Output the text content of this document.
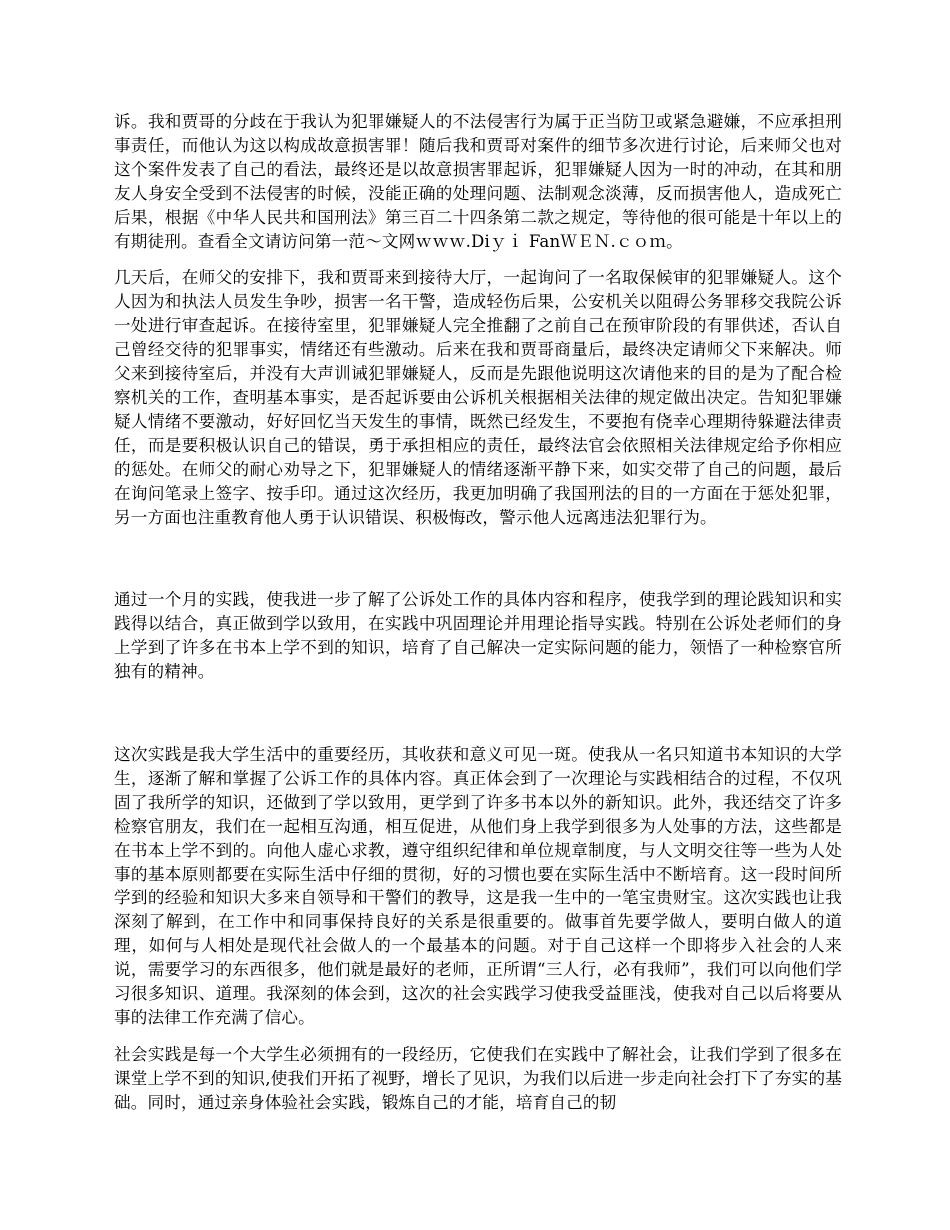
诉。我和贾哥的分歧在于我认为犯罪嫌疑人的不法侵害行为属于正当防卫或紧急避嫌，不应承担刑事责任，而他认为这以构成故意损害罪！随后我和贾哥对案件的细节多次进行讨论，后来师父也对这个案件发表了自己的看法，最终还是以故意损害罪起诉，犯罪嫌疑人因为一时的冲动，在其和朋友人身安全受到不法侵害的时候，没能正确的处理问题、法制观念淡薄，反而损害他人，造成死亡后果，根据《中华人民共和国刑法》第三百二十四条第二款之规定，等待他的很可能是十年以上的有期徒刑。查看全文请访问第一范～文网ｗｗｗ.Diｙｉ FanＷＥＮ.ｃｏｍ。

几天后，在师父的安排下，我和贾哥来到接待大厅，一起询问了一名取保候审的犯罪嫌疑人。这个人因为和执法人员发生争吵，损害一名干警，造成轻伤后果，公安机关以阻碍公务罪移交我院公诉一处进行审查起诉。在接待室里，犯罪嫌疑人完全推翻了之前自己在预审阶段的有罪供述，否认自己曾经交待的犯罪事实，情绪还有些激动。后来在我和贾哥商量后，最终决定请师父下来解决。师父来到接待室后，并没有大声训诫犯罪嫌疑人，反而是先跟他说明这次请他来的目的是为了配合检察机关的工作，查明基本事实，是否起诉要由公诉机关根据相关法律的规定做出决定。告知犯罪嫌疑人情绪不要激动，好好回忆当天发生的事情，既然已经发生，不要抱有侥幸心理期待躲避法律责任，而是要积极认识自己的错误，勇于承担相应的责任，最终法官会依照相关法律规定给予你相应的惩处。在师父的耐心劝导之下，犯罪嫌疑人的情绪逐渐平静下来，如实交带了自己的问题，最后在询问笔录上签字、按手印。通过这次经历，我更加明确了我国刑法的目的一方面在于惩处犯罪，另一方面也注重教育他人勇于认识错误、积极悔改，警示他人远离违法犯罪行为。

通过一个月的实践，使我进一步了解了公诉处工作的具体内容和程序，使我学到的理论践知识和实践得以结合，真正做到学以致用，在实践中巩固理论并用理论指导实践。特别在公诉处老师们的身上学到了许多在书本上学不到的知识，培育了自己解决一定实际问题的能力，领悟了一种检察官所独有的精神。

这次实践是我大学生活中的重要经历，其收获和意义可见一斑。使我从一名只知道书本知识的大学生，逐渐了解和掌握了公诉工作的具体内容。真正体会到了一次理论与实践相结合的过程，不仅巩固了我所学的知识，还做到了学以致用，更学到了许多书本以外的新知识。此外，我还结交了许多检察官朋友，我们在一起相互沟通，相互促进，从他们身上我学到很多为人处事的方法，这些都是在书本上学不到的。向他人虚心求教，遵守组织纪律和单位规章制度，与人文明交往等一些为人处事的基本原则都要在实际生活中仔细的贯彻，好的习惯也要在实际生活中不断培育。这一段时间所学到的经验和知识大多来自领导和干警们的教导，这是我一生中的一笔宝贵财宝。这次实践也让我深刻了解到，在工作中和同事保持良好的关系是很重要的。做事首先要学做人，要明白做人的道理，如何与人相处是现代社会做人的一个最基本的问题。对于自己这样一个即将步入社会的人来说，需要学习的东西很多，他们就是最好的老师，正所谓“三人行，必有我师”，我们可以向他们学习很多知识、道理。我深刻的体会到，这次的社会实践学习使我受益匪浅，使我对自己以后将要从事的法律工作充满了信心。

社会实践是每一个大学生必须拥有的一段经历，它使我们在实践中了解社会，让我们学到了很多在课堂上学不到的知识,使我们开拓了视野，增长了见识，为我们以后进一步走向社会打下了夯实的基础。同时，通过亲身体验社会实践，锻炼自己的才能，培育自己的韧
